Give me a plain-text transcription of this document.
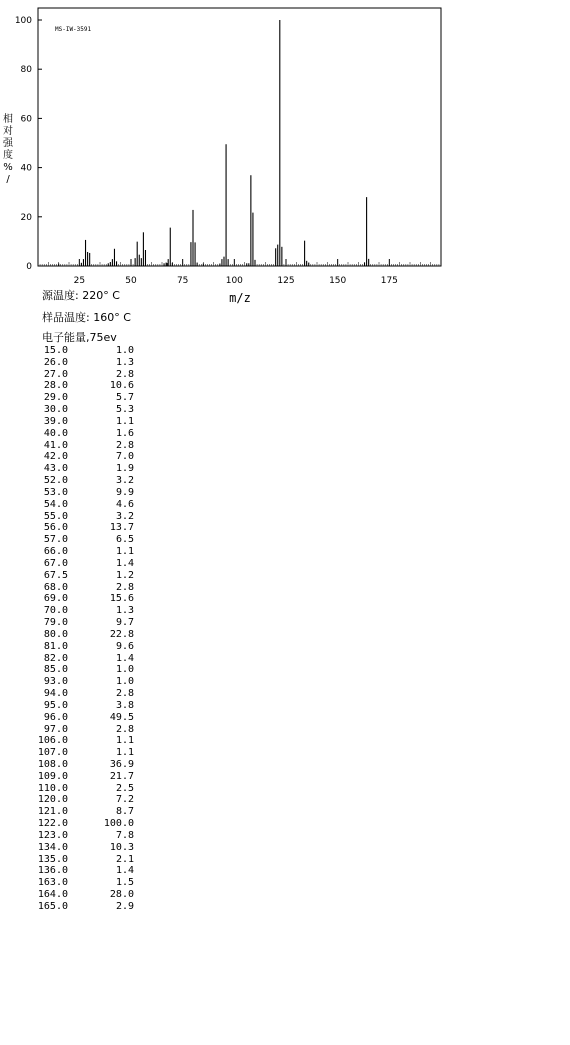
0
20
40
60
80
100
25	50	75	100	125	150	175
MS-IW-3591
m/z
相
对
强
度
%
/
源温度: 220° C
样品温度: 160° C
电子能量,75ev
15.0	1.0
26.0	1.3
27.0	2.8
28.0	10.6
29.0	5.7
30.0	5.3
39.0	1.1
40.0	1.6
41.0	2.8
42.0	7.0
43.0	1.9
52.0	3.2
53.0	9.9
54.0	4.6
55.0	3.2
56.0	13.7
57.0	6.5
66.0	1.1
67.0	1.4
67.5	1.2
68.0	2.8
69.0	15.6
70.0	1.3
79.0	9.7
80.0	22.8
81.0	9.6
82.0	1.4
85.0	1.0
93.0	1.0
94.0	2.8
95.0	3.8
96.0	49.5
97.0	2.8
106.0	1.1
107.0	1.1
108.0	36.9
109.0	21.7
110.0	2.5
120.0	7.2
121.0	8.7
122.0	100.0
123.0	7.8
134.0	10.3
135.0	2.1
136.0	1.4
163.0	1.5
164.0	28.0
165.0	2.9
